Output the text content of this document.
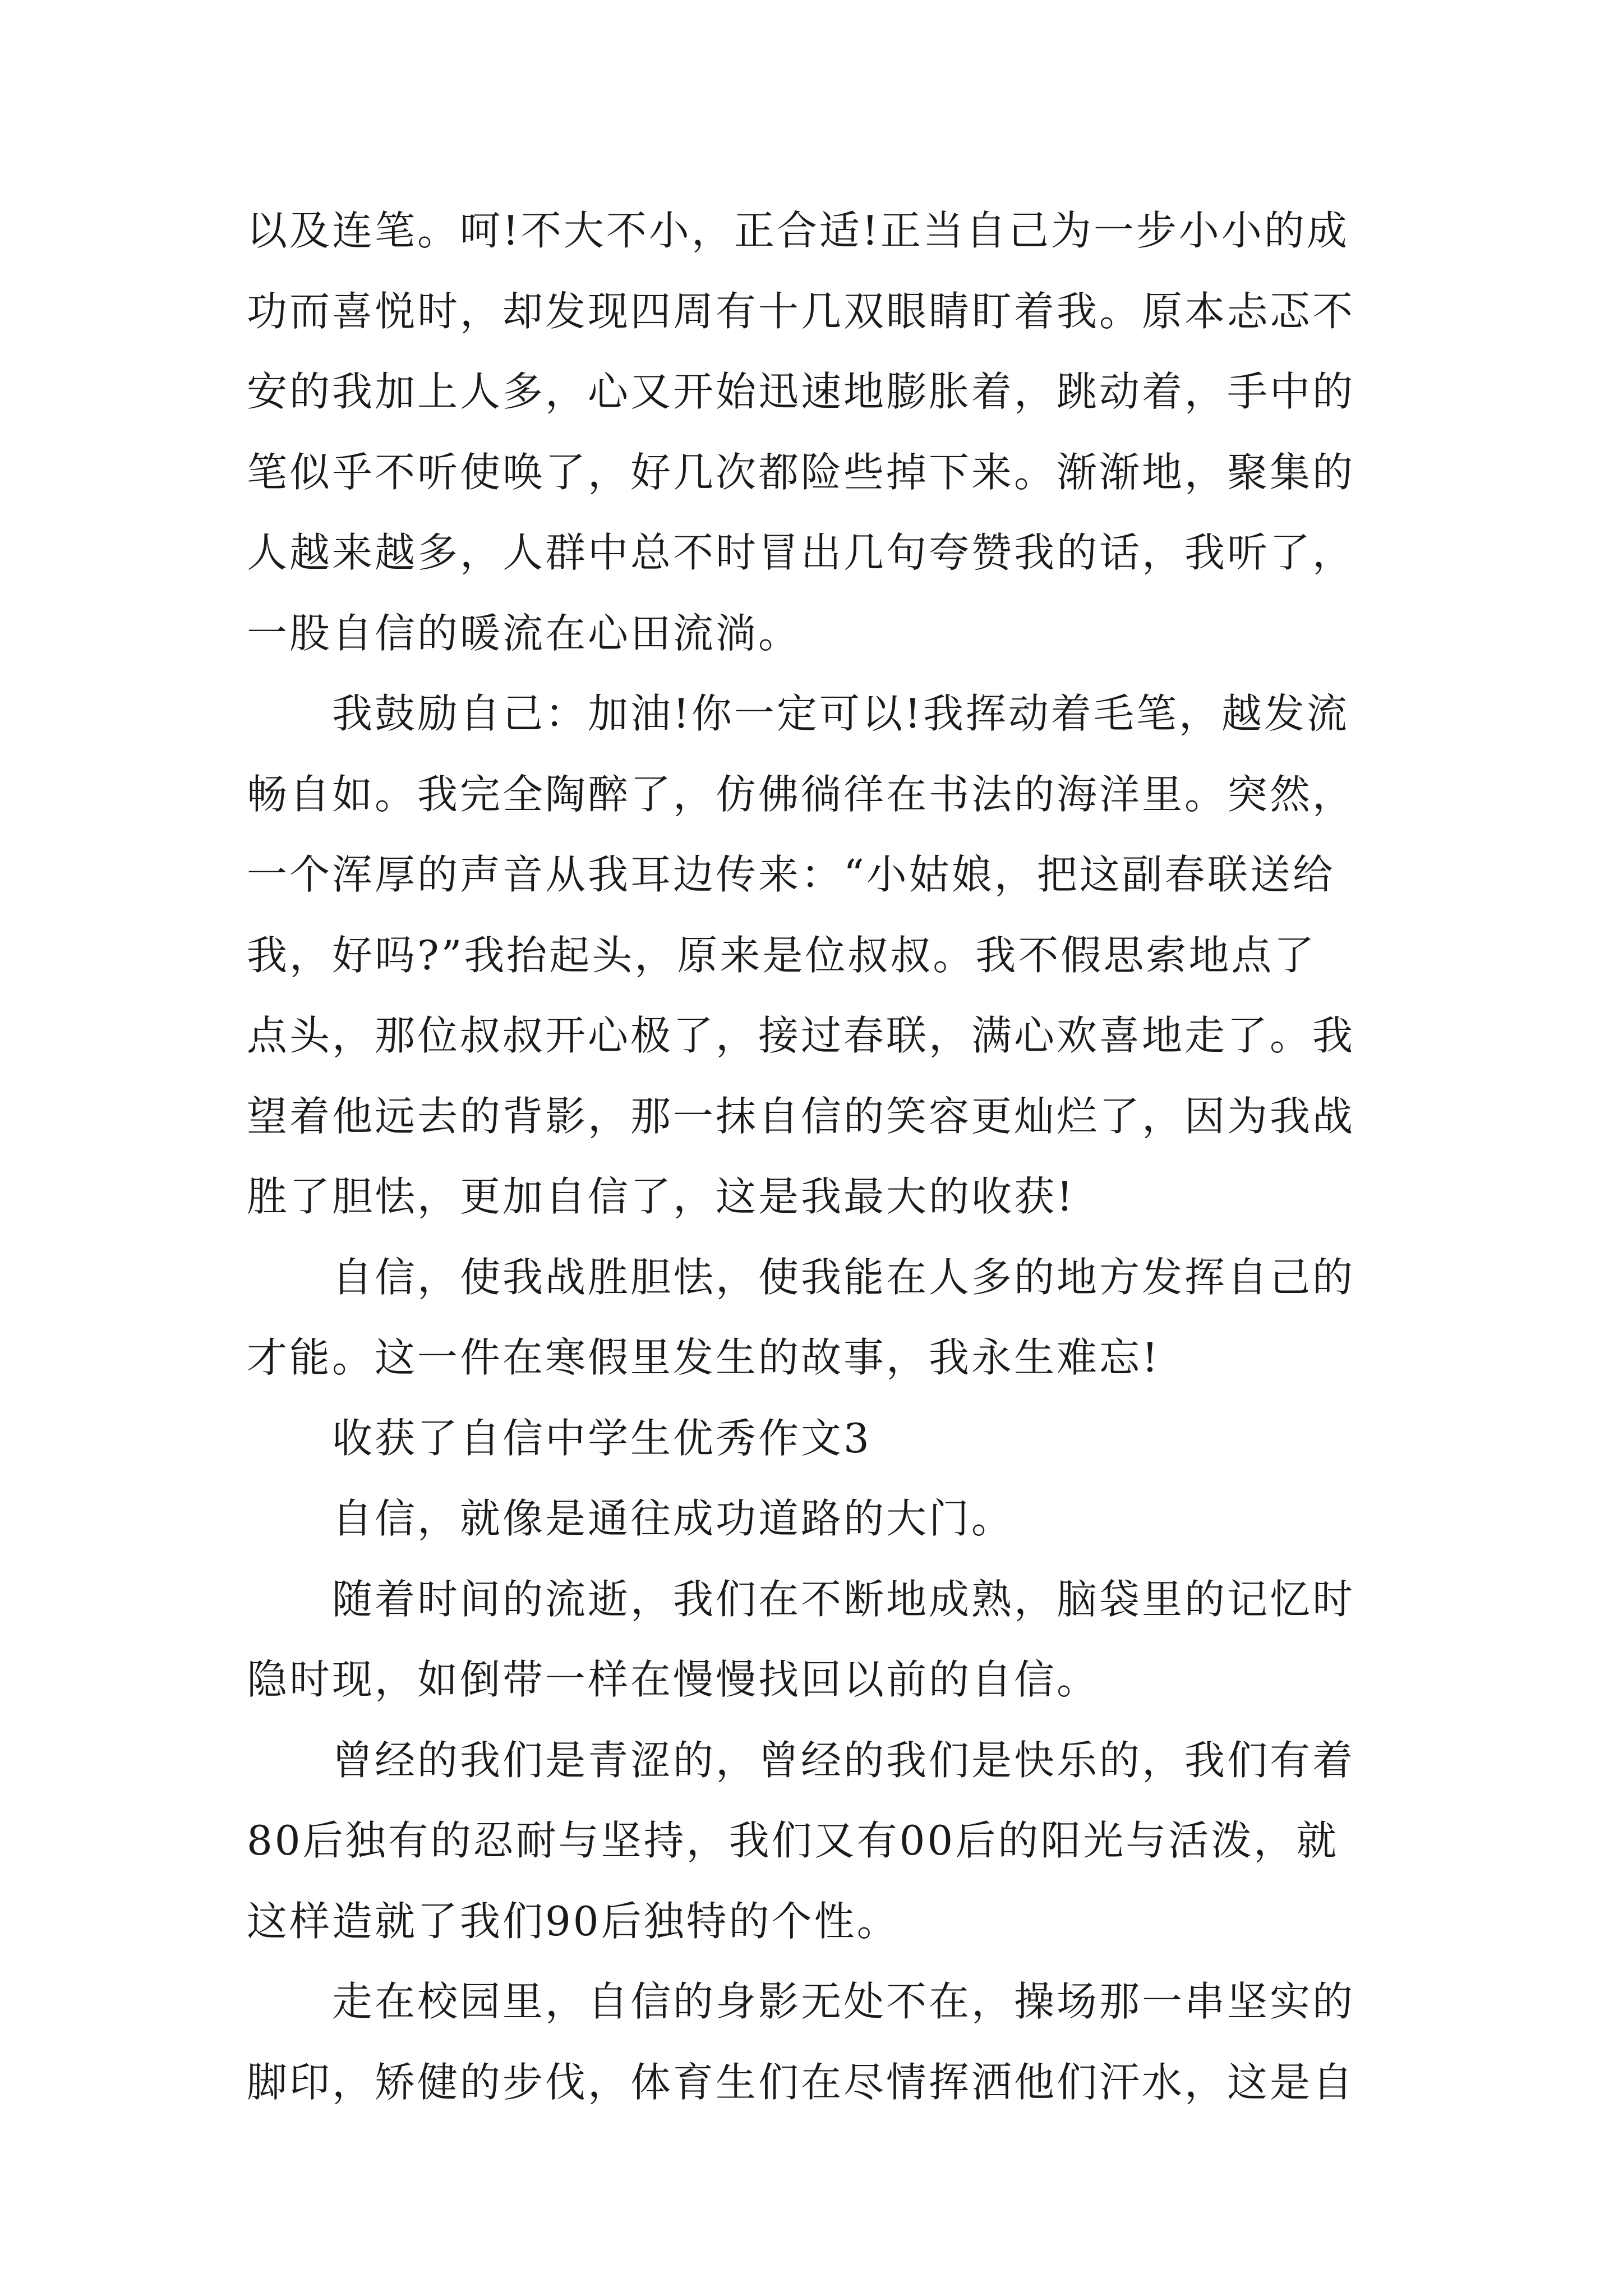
以及连笔。呵!不大不小，正合适!正当自己为一步小小的成
功而喜悦时，却发现四周有十几双眼睛盯着我。原本忐忑不
安的我加上人多，心又开始迅速地膨胀着，跳动着，手中的
笔似乎不听使唤了，好几次都险些掉下来。渐渐地，聚集的
人越来越多，人群中总不时冒出几句夸赞我的话，我听了，
一股自信的暖流在心田流淌。
我鼓励自己：加油!你一定可以!我挥动着毛笔，越发流
畅自如。我完全陶醉了，仿佛徜徉在书法的海洋里。突然，
一个浑厚的声音从我耳边传来：“小姑娘，把这副春联送给
我，好吗?”我抬起头，原来是位叔叔。我不假思索地点了
点头，那位叔叔开心极了，接过春联，满心欢喜地走了。我
望着他远去的背影，那一抹自信的笑容更灿烂了，因为我战
胜了胆怯，更加自信了，这是我最大的收获!
自信，使我战胜胆怯，使我能在人多的地方发挥自己的
才能。这一件在寒假里发生的故事，我永生难忘!
收获了自信中学生优秀作文3
自信，就像是通往成功道路的大门。
随着时间的流逝，我们在不断地成熟，脑袋里的记忆时
隐时现，如倒带一样在慢慢找回以前的自信。
曾经的我们是青涩的，曾经的我们是快乐的，我们有着
80后独有的忍耐与坚持，我们又有00后的阳光与活泼，就
这样造就了我们90后独特的个性。
走在校园里，自信的身影无处不在，操场那一串坚实的
脚印，矫健的步伐，体育生们在尽情挥洒他们汗水，这是自
